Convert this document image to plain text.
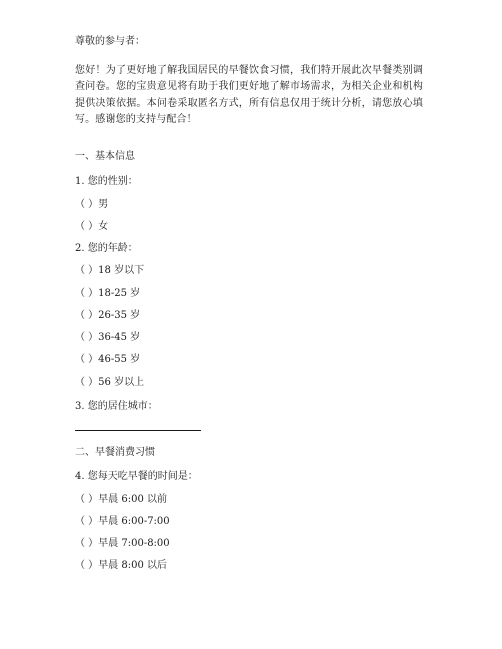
尊敬的参与者：
您好！为了更好地了解我国居民的早餐饮食习惯，我们特开展此次早餐类别调查问卷。您的宝贵意见将有助于我们更好地了解市场需求，为相关企业和机构提供决策依据。本问卷采取匿名方式，所有信息仅用于统计分析，请您放心填写。感谢您的支持与配合！
一、基本信息
1. 您的性别：
（ ）男
（ ）女
2. 您的年龄：
（ ）18 岁以下
（ ）18-25 岁
（ ）26-35 岁
（ ）36-45 岁
（ ）46-55 岁
（ ）56 岁以上
3. 您的居住城市：
二、早餐消费习惯
4. 您每天吃早餐的时间是：
（ ）早晨 6:00 以前
（ ）早晨 6:00-7:00
（ ）早晨 7:00-8:00
（ ）早晨 8:00 以后
